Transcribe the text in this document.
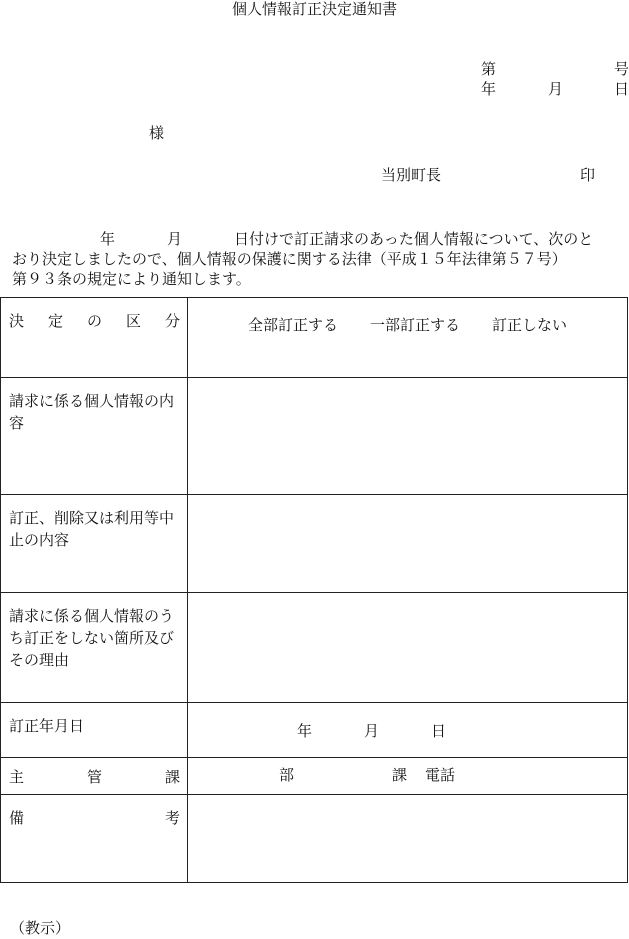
個人情報訂正決定通知書
第	号
年	月	日
様
当別町長	印
年	月	日付けで訂正請求のあった個人情報について、次のと
おり決定しましたので、個人情報の保護に関する法律（平成１５年法律第５７号）
第９３条の規定により通知します。
決 定 の 区 分	全部訂正する 一部訂正する 訂正しない
請求に係る個人情報の内容	
訂正、削除又は利用等中止の内容	
請求に係る個人情報のうち訂正をしない箇所及びその理由	
訂正年月日	年 月 日

主 管 課	部 課 電話

備 考	

（教示）
